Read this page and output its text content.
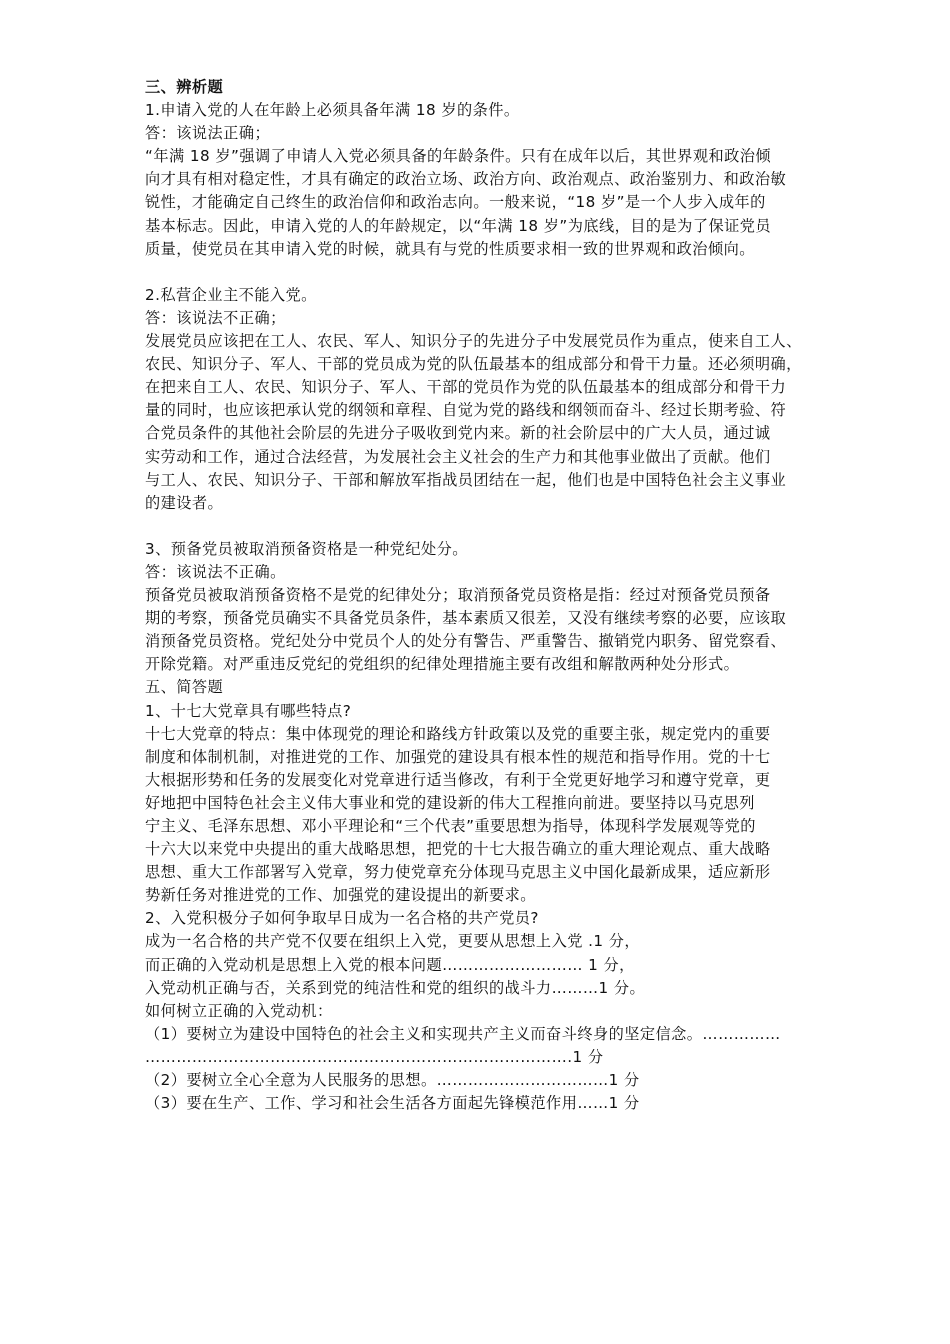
三、辨析题
1.申请入党的人在年龄上必须具备年满 18 岁的条件。
答：该说法正确；
“年满 18 岁”强调了申请人入党必须具备的年龄条件。只有在成年以后，其世界观和政治倾
向才具有相对稳定性，才具有确定的政治立场、政治方向、政治观点、政治鉴别力、和政治敏
锐性，才能确定自己终生的政治信仰和政治志向。一般来说，“18 岁”是一个人步入成年的
基本标志。因此，申请入党的人的年龄规定，以“年满 18 岁”为底线，目的是为了保证党员
质量，使党员在其申请入党的时候，就具有与党的性质要求相一致的世界观和政治倾向。
2.私营企业主不能入党。
答：该说法不正确；
发展党员应该把在工人、农民、军人、知识分子的先进分子中发展党员作为重点，使来自工人、
农民、知识分子、军人、干部的党员成为党的队伍最基本的组成部分和骨干力量。还必须明确，
在把来自工人、农民、知识分子、军人、干部的党员作为党的队伍最基本的组成部分和骨干力
量的同时，也应该把承认党的纲领和章程、自觉为党的路线和纲领而奋斗、经过长期考验、符
合党员条件的其他社会阶层的先进分子吸收到党内来。新的社会阶层中的广大人员，通过诚
实劳动和工作，通过合法经营，为发展社会主义社会的生产力和其他事业做出了贡献。他们
与工人、农民、知识分子、干部和解放军指战员团结在一起，他们也是中国特色社会主义事业
的建设者。
3、预备党员被取消预备资格是一种党纪处分。
答：该说法不正确。
预备党员被取消预备资格不是党的纪律处分；取消预备党员资格是指：经过对预备党员预备
期的考察，预备党员确实不具备党员条件，基本素质又很差，又没有继续考察的必要，应该取
消预备党员资格。党纪处分中党员个人的处分有警告、严重警告、撤销党内职务、留党察看、
开除党籍。对严重违反党纪的党组织的纪律处理措施主要有改组和解散两种处分形式。
五、简答题
1、十七大党章具有哪些特点?
十七大党章的特点：集中体现党的理论和路线方针政策以及党的重要主张，规定党内的重要
制度和体制机制，对推进党的工作、加强党的建设具有根本性的规范和指导作用。党的十七
大根据形势和任务的发展变化对党章进行适当修改，有利于全党更好地学习和遵守党章，更
好地把中国特色社会主义伟大事业和党的建设新的伟大工程推向前进。要坚持以马克思列
宁主义、毛泽东思想、邓小平理论和“三个代表”重要思想为指导，体现科学发展观等党的
十六大以来党中央提出的重大战略思想，把党的十七大报告确立的重大理论观点、重大战略
思想、重大工作部署写入党章，努力使党章充分体现马克思主义中国化最新成果，适应新形
势新任务对推进党的工作、加强党的建设提出的新要求。
2、入党积极分子如何争取早日成为一名合格的共产党员?
成为一名合格的共产党不仅要在组织上入党，更要从思想上入党 .1 分，
而正确的入党动机是思想上入党的根本问题……………………… 1 分，
入党动机正确与否，关系到党的纯洁性和党的组织的战斗力………1 分。
如何树立正确的入党动机：
（1）要树立为建设中国特色的社会主义和实现共产主义而奋斗终身的坚定信念。……………
……………………………………………………………………….1 分
（2）要树立全心全意为人民服务的思想。……………………………1 分
（3）要在生产、工作、学习和社会生活各方面起先锋模范作用……1 分
